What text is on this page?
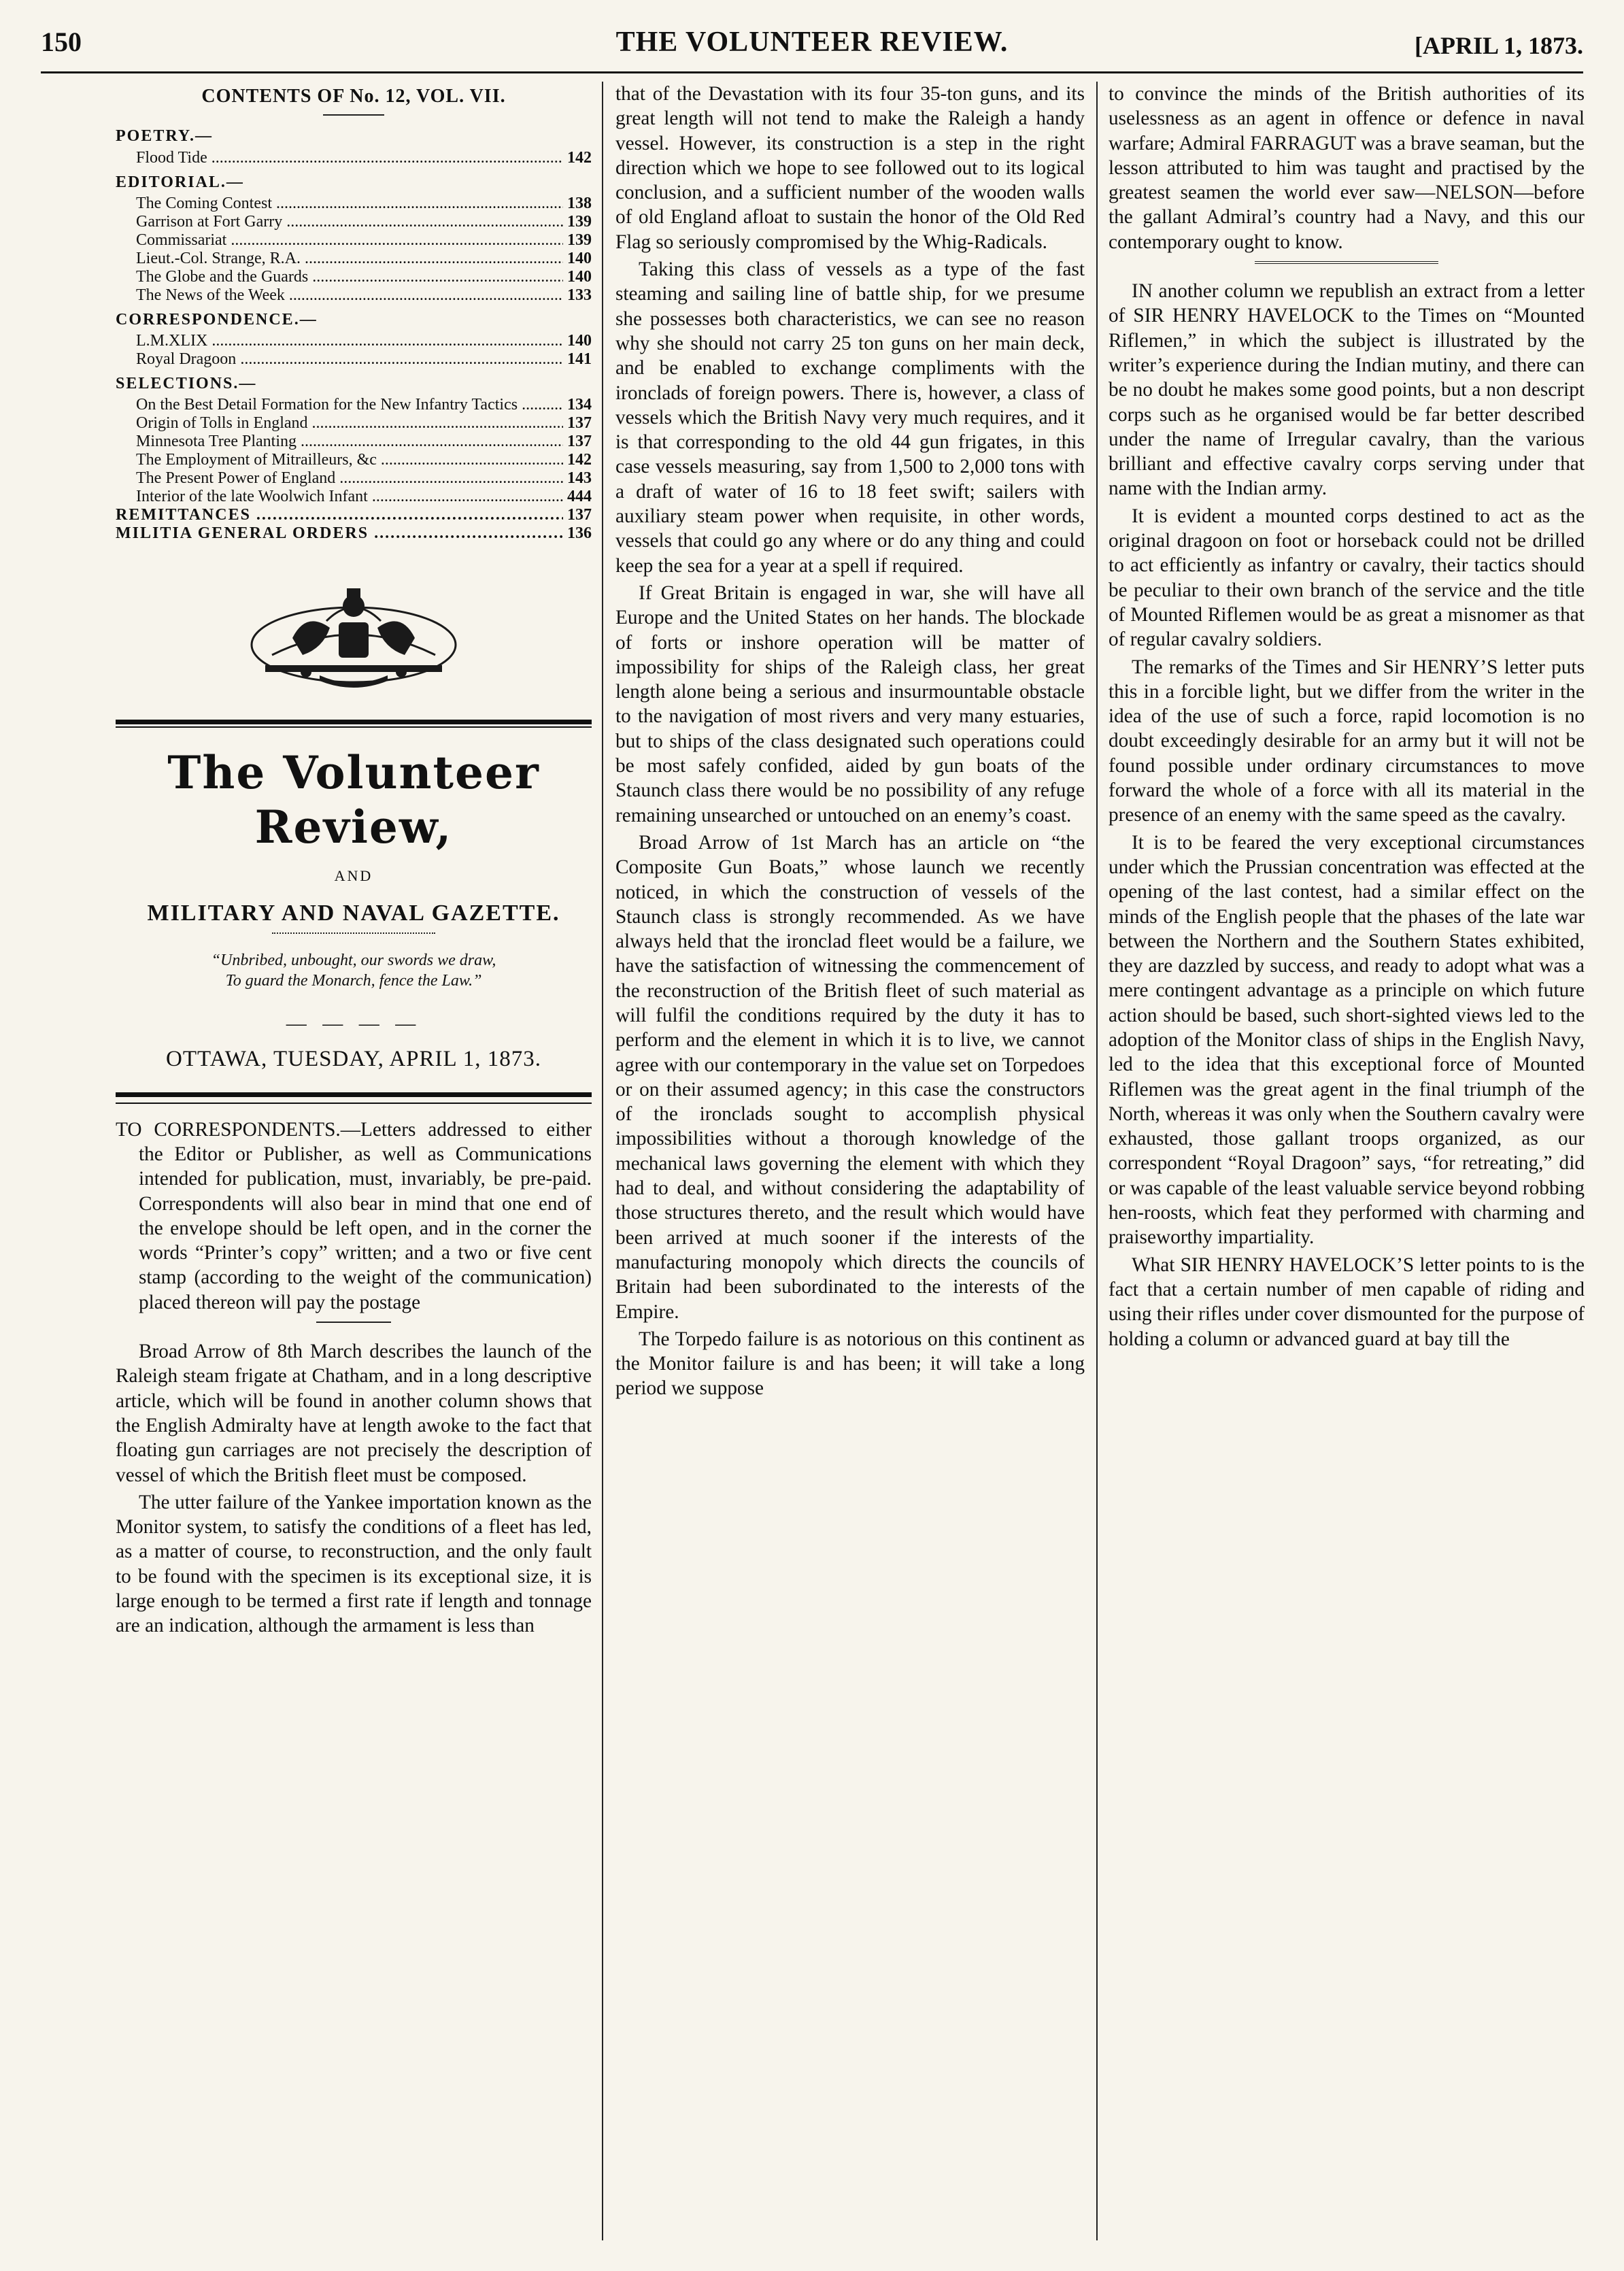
150	THE VOLUNTEER REVIEW.	[APRIL 1, 1873.
CONTENTS OF No. 12, VOL. VII.
POETRY.—
Flood Tide .....	142
EDITORIAL.—
The Coming Contest .....	138
Garrison at Fort Garry .....	139
Commissariat .....	139
Lieut.-Col. Strange, R.A. .....	140
The Globe and the Guards .....	140
The News of the Week .....	133
CORRESPONDENCE.—
L.M.XLIX .....	140
Royal Dragoon .....	141
SELECTIONS.—
On the Best Detail Formation for the New Infantry Tactics .....	134
Origin of Tolls in England .....	137
Minnesota Tree Planting .....	137
The Employment of Mitrailleurs, &c .....	142
The Present Power of England .....	143
Interior of the late Woolwich Infant .....	444
REMITTANCES .....	137
MILITIA GENERAL ORDERS .....	136
The Volunteer Review,
AND
MILITARY AND NAVAL GAZETTE.
“Unbribed, unbought, our swords we draw,
To guard the Monarch, fence the Law.”
— — — —
OTTAWA, TUESDAY, APRIL 1, 1873.

TO CORRESPONDENTS.—Letters addressed to either the Editor or Publisher, as well as Communications intended for publication, must, invariably, be pre-paid. Correspondents will also bear in mind that one end of the envelope should be left open, and in the corner the words “Printer’s copy” written; and a two or five cent stamp (according to the weight of the communication) placed thereon will pay the postage

Broad Arrow of 8th March describes the launch of the Raleigh steam frigate at Chatham, and in a long descriptive article, which will be found in another column shows that the English Admiralty have at length awoke to the fact that floating gun carriages are not precisely the description of vessel of which the British fleet must be composed.

The utter failure of the Yankee importation known as the Monitor system, to satisfy the conditions of a fleet has led, as a matter of course, to reconstruction, and the only fault to be found with the specimen is its exceptional size, it is large enough to be termed a first rate if length and tonnage are an indication, although the armament is less than

that of the Devastation with its four 35-ton guns, and its great length will not tend to make the Raleigh a handy vessel. However, its construction is a step in the right direction which we hope to see followed out to its logical conclusion, and a sufficient number of the wooden walls of old England afloat to sustain the honor of the Old Red Flag so seriously compromised by the Whig-Radicals.

Taking this class of vessels as a type of the fast steaming and sailing line of battle ship, for we presume she possesses both characteristics, we can see no reason why she should not carry 25 ton guns on her main deck, and be enabled to exchange compliments with the ironclads of foreign powers. There is, however, a class of vessels which the British Navy very much requires, and it is that corresponding to the old 44 gun frigates, in this case vessels measuring, say from 1,500 to 2,000 tons with a draft of water of 16 to 18 feet swift; sailers with auxiliary steam power when requisite, in other words, vessels that could go any where or do any thing and could keep the sea for a year at a spell if required.

If Great Britain is engaged in war, she will have all Europe and the United States on her hands. The blockade of forts or inshore operation will be matter of impossibility for ships of the Raleigh class, her great length alone being a serious and insurmountable obstacle to the navigation of most rivers and very many estuaries, but to ships of the class designated such operations could be most safely confided, aided by gun boats of the Staunch class there would be no possibility of any refuge remaining unsearched or untouched on an enemy’s coast.

Broad Arrow of 1st March has an article on “the Composite Gun Boats,” whose launch we recently noticed, in which the construction of vessels of the Staunch class is strongly recommended. As we have always held that the ironclad fleet would be a failure, we have the satisfaction of witnessing the commencement of the reconstruction of the British fleet of such material as will fulfil the conditions required by the duty it has to perform and the element in which it is to live, we cannot agree with our contemporary in the value set on Torpedoes or on their assumed agency; in this case the constructors of the ironclads sought to accomplish physical impossibilities without a thorough knowledge of the mechanical laws governing the element with which they had to deal, and without considering the adaptability of those structures thereto, and the result which would have been arrived at much sooner if the interests of the manufacturing monopoly which directs the councils of Britain had been subordinated to the interests of the Empire.

The Torpedo failure is as notorious on this continent as the Monitor failure is and has been; it will take a long period we suppose

to convince the minds of the British authorities of its uselessness as an agent in offence or defence in naval warfare; Admiral FARRAGUT was a brave seaman, but the lesson attributed to him was taught and practised by the greatest seamen the world ever saw—NELSON—before the gallant Admiral’s country had a Navy, and this our contemporary ought to know.

IN another column we republish an extract from a letter of SIR HENRY HAVELOCK to the Times on “Mounted Riflemen,” in which the subject is illustrated by the writer’s experience during the Indian mutiny, and there can be no doubt he makes some good points, but a non descript corps such as he organised would be far better described under the name of Irregular cavalry, than the various brilliant and effective cavalry corps serving under that name with the Indian army.

It is evident a mounted corps destined to act as the original dragoon on foot or horseback could not be drilled to act efficiently as infantry or cavalry, their tactics should be peculiar to their own branch of the service and the title of Mounted Riflemen would be as great a misnomer as that of regular cavalry soldiers.

The remarks of the Times and Sir HENRY’S letter puts this in a forcible light, but we differ from the writer in the idea of the use of such a force, rapid locomotion is no doubt exceedingly desirable for an army but it will not be found possible under ordinary circumstances to move forward the whole of a force with all its material in the presence of an enemy with the same speed as the cavalry.

It is to be feared the very exceptional circumstances under which the Prussian concentration was effected at the opening of the last contest, had a similar effect on the minds of the English people that the phases of the late war between the Northern and the Southern States exhibited, they are dazzled by success, and ready to adopt what was a mere contingent advantage as a principle on which future action should be based, such short-sighted views led to the adoption of the Monitor class of ships in the English Navy, led to the idea that this exceptional force of Mounted Riflemen was the great agent in the final triumph of the North, whereas it was only when the Southern cavalry were exhausted, those gallant troops organized, as our correspondent “Royal Dragoon” says, “for retreating,” did or was capable of the least valuable service beyond robbing hen-roosts, which feat they performed with charming and praiseworthy impartiality.

What SIR HENRY HAVELOCK’S letter points to is the fact that a certain number of men capable of riding and using their rifles under cover dismounted for the purpose of holding a column or advanced guard at bay till the
